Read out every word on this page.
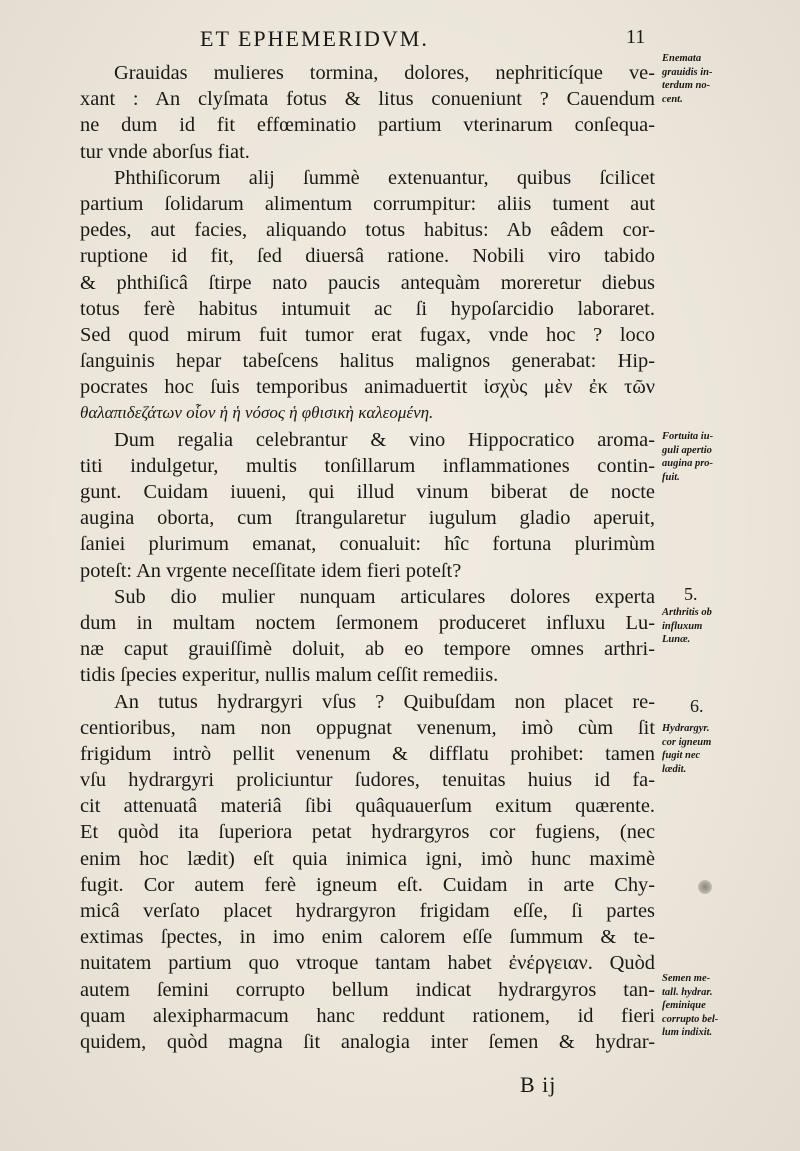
ET EPHEMERIDVM.	11
Grauidas mulieres tormina, dolores, nephriticíque ve-
xant : An clyſmata fotus & litus conueniunt ? Cauendum
ne dum id fit effœminatio partium vterinarum conſequa-
tur vnde aborſus fiat.
Phthiſicorum alij ſummè extenuantur, quibus ſcilicet
partium ſolidarum alimentum corrumpitur: aliis tument aut
pedes, aut facies, aliquando totus habitus: Ab eâdem cor-
ruptione id fit, ſed diuersâ ratione. Nobili viro tabido
& phthiſicâ ſtirpe nato paucis antequàm moreretur diebus
totus ferè habitus intumuit ac ſi hypoſarcidio laboraret.
Sed quod mirum fuit tumor erat fugax, vnde hoc ? loco
ſanguinis hepar tabeſcens halitus malignos generabat: Hip-
pocrates hoc ſuis temporibus animaduertit ἰσχὺς μὲν ἐκ τῶν
θαλαπιδεζάτων οἷον ἡ ἡ νόσος ἡ φθισικὴ καλεομένη.
Dum regalia celebrantur & vino Hippocratico aroma-
titi indulgetur, multis tonſillarum inflammationes contin-
gunt. Cuidam iuueni, qui illud vinum biberat de nocte
augina oborta, cum ſtrangularetur iugulum gladio aperuit,
ſaniei plurimum emanat, conualuit: hîc fortuna plurimùm
poteſt: An vrgente neceſſitate idem fieri poteſt?
Sub dio mulier nunquam articulares dolores experta
dum in multam noctem ſermonem produceret influxu Lu-
næ caput grauiſſimè doluit, ab eo tempore omnes arthri-
tidis ſpecies experitur, nullis malum ceſſit remediis.
An tutus hydrargyri vſus ? Quibuſdam non placet re-
centioribus, nam non oppugnat venenum, imò cùm ſit
frigidum intrò pellit venenum & difflatu prohibet: tamen
vſu hydrargyri proliciuntur ſudores, tenuitas huius id fa-
cit attenuatâ materiâ ſibi quâquauerſum exitum quærente.
Et quòd ita ſuperiora petat hydrargyros cor fugiens, (nec
enim hoc lædit) eſt quia inimica igni, imò hunc maximè
fugit. Cor autem ferè igneum eſt. Cuidam in arte Chy-
micâ verſato placet hydrargyron frigidam eſſe, ſi partes
extimas ſpectes, in imo enim calorem eſſe ſummum & te-
nuitatem partium quo vtroque tantam habet ἐνέργειαν. Quòd
autem ſemini corrupto bellum indicat hydrargyros tan-
quam alexipharmacum hanc reddunt rationem, id fieri
quidem, quòd magna ſit analogia inter ſemen & hydrar-
Enemata
grauidis in-
terdum no-
cent.
Fortuita iu-
guli apertio
augina pro-
fuit.
5.
Arthritis ob
influxum
Lunæ.
6.
Hydrargyr.
cor igneum
fugit nec
lædit.
Semen me-
tall. hydrar.
ſeminique
corrupto bel-
lum indixit.
B ij
